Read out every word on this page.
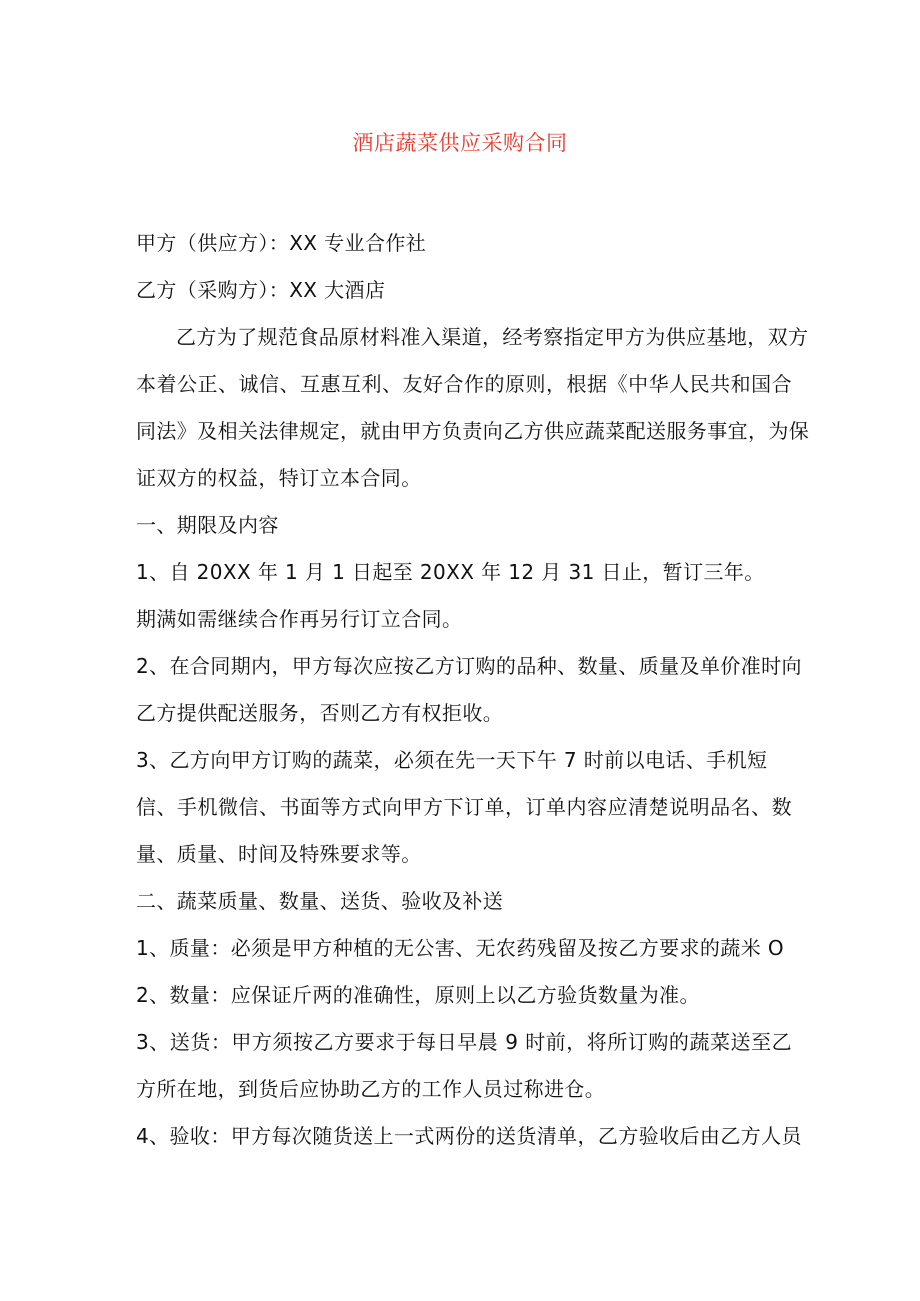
酒店蔬菜供应采购合同
甲方（供应方）：XX 专业合作社
乙方（采购方）：XX 大酒店
乙方为了规范食品原材料准入渠道，经考察指定甲方为供应基地，双方
本着公正、诚信、互惠互利、友好合作的原则，根据《中华人民共和国合
同法》及相关法律规定，就由甲方负责向乙方供应蔬菜配送服务事宜，为保
证双方的权益，特订立本合同。
一、期限及内容
1、自 20XX 年 1 月 1 日起至 20XX 年 12 月 31 日止，暂订三年。
期满如需继续合作再另行订立合同。
2、在合同期内，甲方每次应按乙方订购的品种、数量、质量及单价准时向
乙方提供配送服务，否则乙方有权拒收。
3、乙方向甲方订购的蔬菜，必须在先一天下午 7 时前以电话、手机短
信、手机微信、书面等方式向甲方下订单，订单内容应清楚说明品名、数
量、质量、时间及特殊要求等。
二、蔬菜质量、数量、送货、验收及补送
1、质量：必须是甲方种植的无公害、无农药残留及按乙方要求的蔬米 O
2、数量：应保证斤两的准确性，原则上以乙方验货数量为准。
3、送货：甲方须按乙方要求于每日早晨 9 时前，将所订购的蔬菜送至乙
方所在地，到货后应协助乙方的工作人员过称进仓。
4、验收：甲方每次随货送上一式两份的送货清单，乙方验收后由乙方人员
